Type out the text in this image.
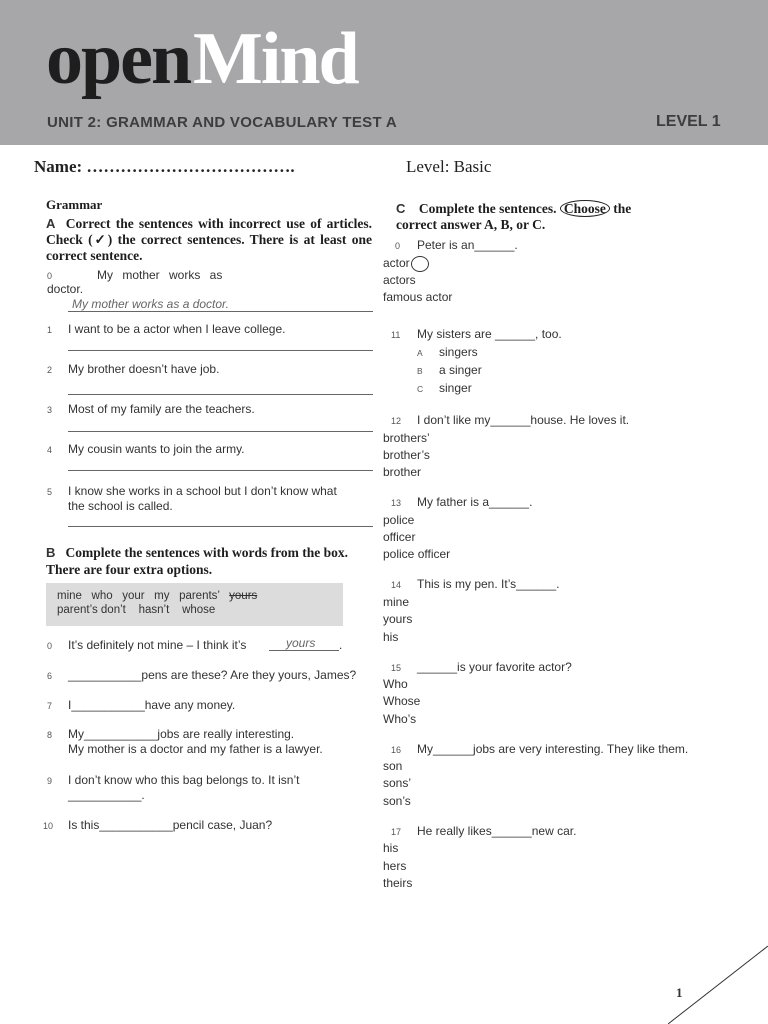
open Mind
UNIT 2: GRAMMAR AND VOCABULARY TEST A	LEVEL 1
Name: ……………………………….	Level: Basic
Grammar
A Correct the sentences with incorrect use of articles. Check (✓) the correct sentences. There is at least one correct sentence.
0	My mother works as
doctor.
My mother works as a doctor.
1 I want to be a actor when I leave college.
2 My brother doesn’t have job.
3 Most of my family are the teachers.
4 My cousin wants to join the army.
5 I know she works in a school but I don’t know what
the school is called.
B Complete the sentences with words from the box. There are four extra options.
mine   who   your   my   parents’ yours
parent’s don’t    hasn’t    whose
0 It’s definitely not mine – I think it’s	yours .
6 ___________pens are these? Are they yours, James?
7 I___________have any money.
8 My___________jobs are really interesting.
My mother is a doctor and my father is a lawyer.
9 I don’t know who this bag belongs to. It isn’t
___________.
10 Is this___________pencil case, Juan?
C Complete the sentences. Choose the
correct answer A, B, or C.
0 Peter is an______.
actor
actors
famous actor
11 My sisters are ______, too.
A singers
B a singer
C singer
12 I don’t like my______house. He loves it.
brothers’
brother’s
brother
13 My father is a______.
police
officer
police officer
14 This is my pen. It’s______.
mine
yours
his
15 ______is your favorite actor?
Who
Whose
Who’s
16 My______jobs are very interesting. They like them.
son
sons’
son’s
17 He really likes______new car.
his
hers
theirs
1
